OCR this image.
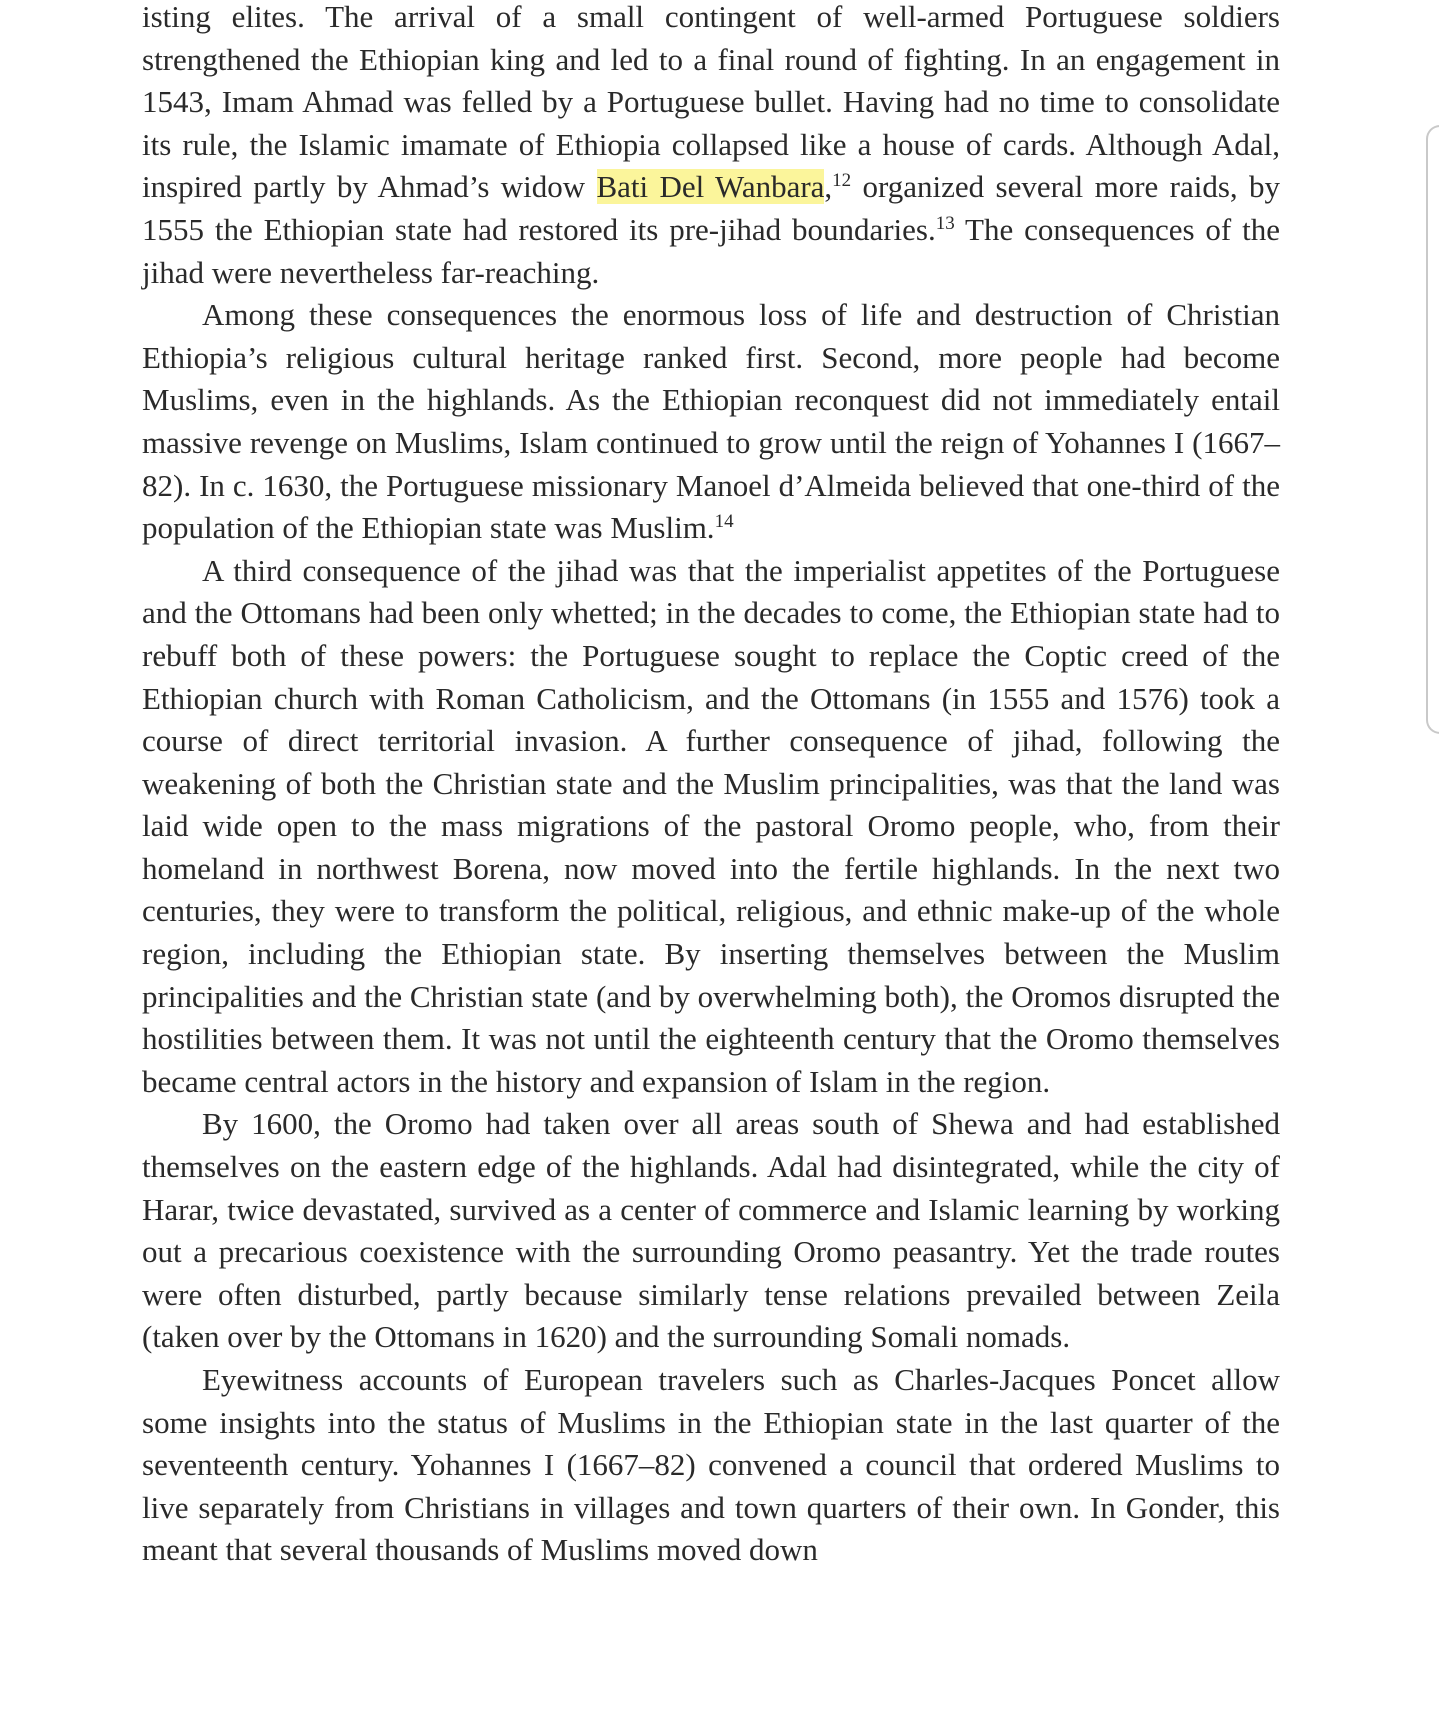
isting elites. The arrival of a small contingent of well-armed Portuguese soldiers strengthened the Ethiopian king and led to a final round of fighting. In an engagement in 1543, Imam Ahmad was felled by a Portuguese bullet. Having had no time to consolidate its rule, the Islamic imamate of Ethiopia collapsed like a house of cards. Although Adal, inspired partly by Ahmad’s widow Bati Del Wanbara,$^{12}$ organized several more raids, by 1555 the Ethiopian state had restored its pre-jihad boundaries.$^{13}$ The consequences of the jihad were nevertheless far-reaching.

Among these consequences the enormous loss of life and destruction of Christian Ethiopia’s religious cultural heritage ranked first. Second, more people had become Muslims, even in the highlands. As the Ethiopian reconquest did not immediately entail massive revenge on Muslims, Islam continued to grow until the reign of Yohannes I (1667–82). In c. 1630, the Portuguese missionary Manoel d’Almeida believed that one-third of the population of the Ethiopian state was Muslim.$^{14}$

A third consequence of the jihad was that the imperialist appetites of the Portuguese and the Ottomans had been only whetted; in the decades to come, the Ethiopian state had to rebuff both of these powers: the Portuguese sought to replace the Coptic creed of the Ethiopian church with Roman Catholicism, and the Ottomans (in 1555 and 1576) took a course of direct territorial invasion. A further consequence of jihad, following the weakening of both the Christian state and the Muslim principalities, was that the land was laid wide open to the mass migrations of the pastoral Oromo people, who, from their homeland in northwest Borena, now moved into the fertile highlands. In the next two centuries, they were to transform the political, religious, and ethnic make-up of the whole region, including the Ethiopian state. By inserting themselves between the Muslim principalities and the Christian state (and by overwhelming both), the Oromos disrupted the hostilities between them. It was not until the eighteenth century that the Oromo themselves became central actors in the history and expansion of Islam in the region.

By 1600, the Oromo had taken over all areas south of Shewa and had established themselves on the eastern edge of the highlands. Adal had disintegrated, while the city of Harar, twice devastated, survived as a center of commerce and Islamic learning by working out a precarious coexistence with the surrounding Oromo peasantry. Yet the trade routes were often disturbed, partly because similarly tense relations prevailed between Zeila (taken over by the Ottomans in 1620) and the surrounding Somali nomads.

Eyewitness accounts of European travelers such as Charles-Jacques Poncet allow some insights into the status of Muslims in the Ethiopian state in the last quarter of the seventeenth century. Yohannes I (1667–82) convened a council that ordered Muslims to live separately from Christians in villages and town quarters of their own. In Gonder, this meant that several thousands of Muslims moved down
